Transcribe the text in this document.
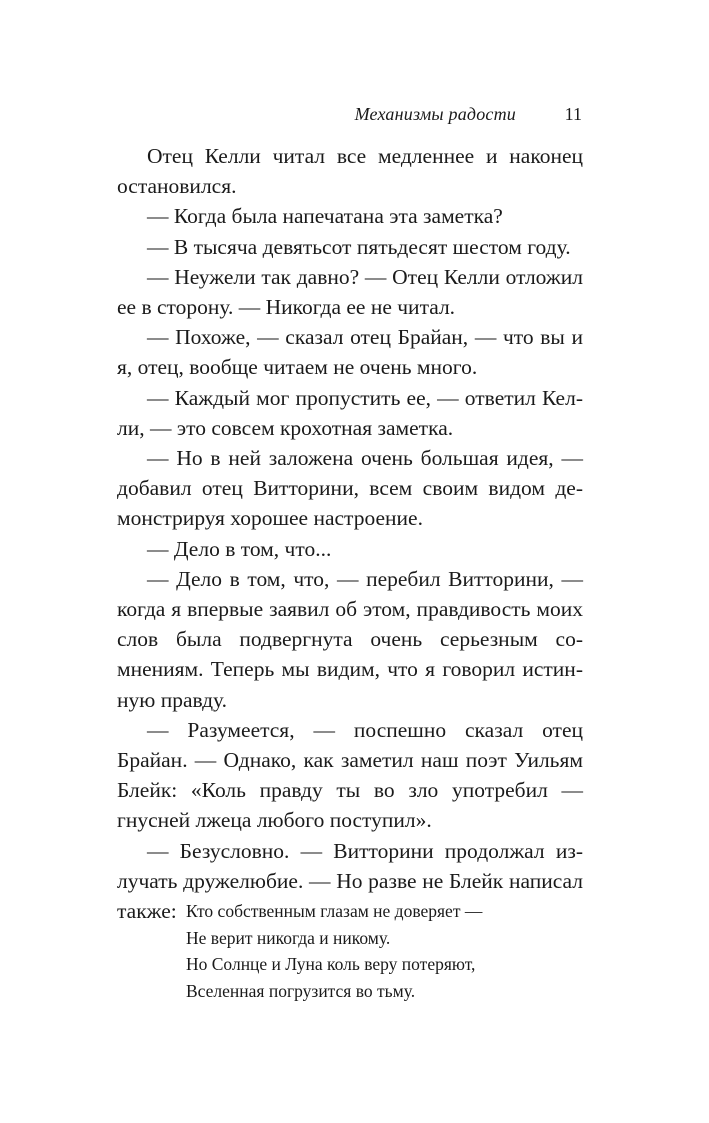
Механизмы радости	11

Отец Келли читал все медленнее и наконец остановился.

— Когда была напечатана эта заметка?

— В тысяча девятьсот пятьдесят шестом году.

— Неужели так давно? — Отец Келли отложил ее в сторону. — Никогда ее не читал.

— Похоже, — сказал отец Брайан, — что вы и я, отец, вообще читаем не очень много.

— Каждый мог пропустить ее, — ответил Келли, — это совсем крохотная заметка.

— Но в ней заложена очень большая идея, — добавил отец Витторини, всем своим видом демонстрируя хорошее настроение.

— Дело в том, что...

— Дело в том, что, — перебил Витторини, — когда я впервые заявил об этом, правдивость моих слов была подвергнута очень серьезным сомнениям. Теперь мы видим, что я говорил истинную правду.

— Разумеется, — поспешно сказал отец Брайан. — Однако, как заметил наш поэт Уильям Блейк: «Коль правду ты во зло употребил — гнусней лжеца любого поступил».

— Безусловно. — Витторини продолжал излучать дружелюбие. — Но разве не Блейк написал также: Кто собственным глазам не доверяет —
Не верит никогда и никому.
Но Солнце и Луна коль веру потеряют,
Вселенная погрузится во тьму.
